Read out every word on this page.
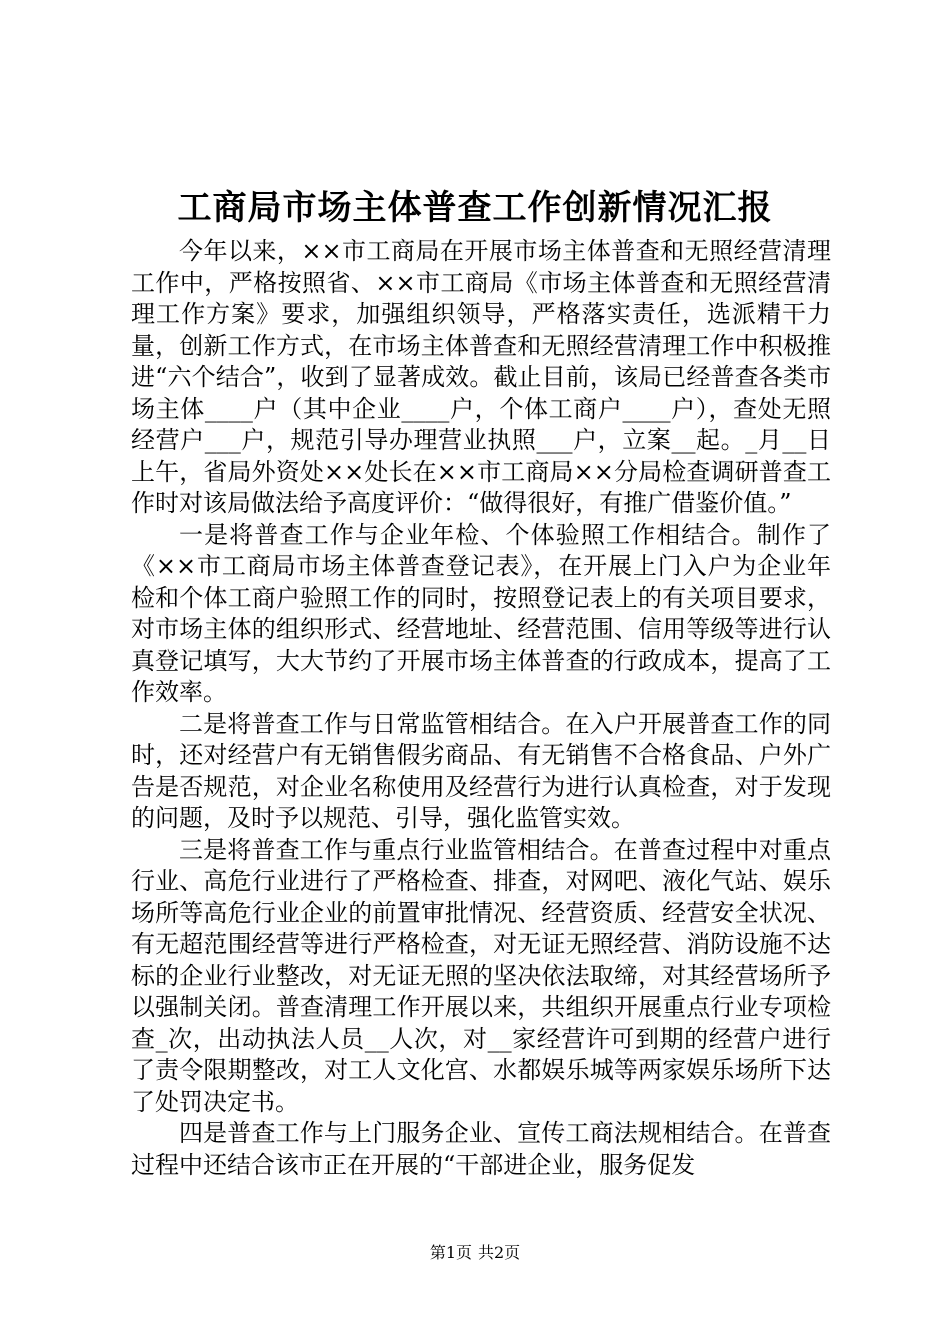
工商局市场主体普查工作创新情况汇报

今年以来，××市工商局在开展市场主体普查和无照经营清理工作中，严格按照省、××市工商局《市场主体普查和无照经营清理工作方案》要求，加强组织领导，严格落实责任，选派精干力量，创新工作方式，在市场主体普查和无照经营清理工作中积极推进“六个结合”，收到了显著成效。截止目前，该局已经普查各类市场主体____户（其中企业____户，个体工商户____户），查处无照经营户___户，规范引导办理营业执照___户，立案__起。_月__日上午，省局外资处××处长在××市工商局××分局检查调研普查工作时对该局做法给予高度评价：“做得很好，有推广借鉴价值。”

一是将普查工作与企业年检、个体验照工作相结合。制作了《××市工商局市场主体普查登记表》，在开展上门入户为企业年检和个体工商户验照工作的同时，按照登记表上的有关项目要求，对市场主体的组织形式、经营地址、经营范围、信用等级等进行认真登记填写，大大节约了开展市场主体普查的行政成本，提高了工作效率。

二是将普查工作与日常监管相结合。在入户开展普查工作的同时，还对经营户有无销售假劣商品、有无销售不合格食品、户外广告是否规范，对企业名称使用及经营行为进行认真检查，对于发现的问题，及时予以规范、引导，强化监管实效。

三是将普查工作与重点行业监管相结合。在普查过程中对重点行业、高危行业进行了严格检查、排查，对网吧、液化气站、娱乐场所等高危行业企业的前置审批情况、经营资质、经营安全状况、有无超范围经营等进行严格检查，对无证无照经营、消防设施不达标的企业行业整改，对无证无照的坚决依法取缔，对其经营场所予以强制关闭。普查清理工作开展以来，共组织开展重点行业专项检查_次，出动执法人员__人次，对__家经营许可到期的经营户进行了责令限期整改，对工人文化宫、水都娱乐城等两家娱乐场所下达了处罚决定书。

四是普查工作与上门服务企业、宣传工商法规相结合。在普查过程中还结合该市正在开展的“干部进企业，服务促发

第1页 共2页
